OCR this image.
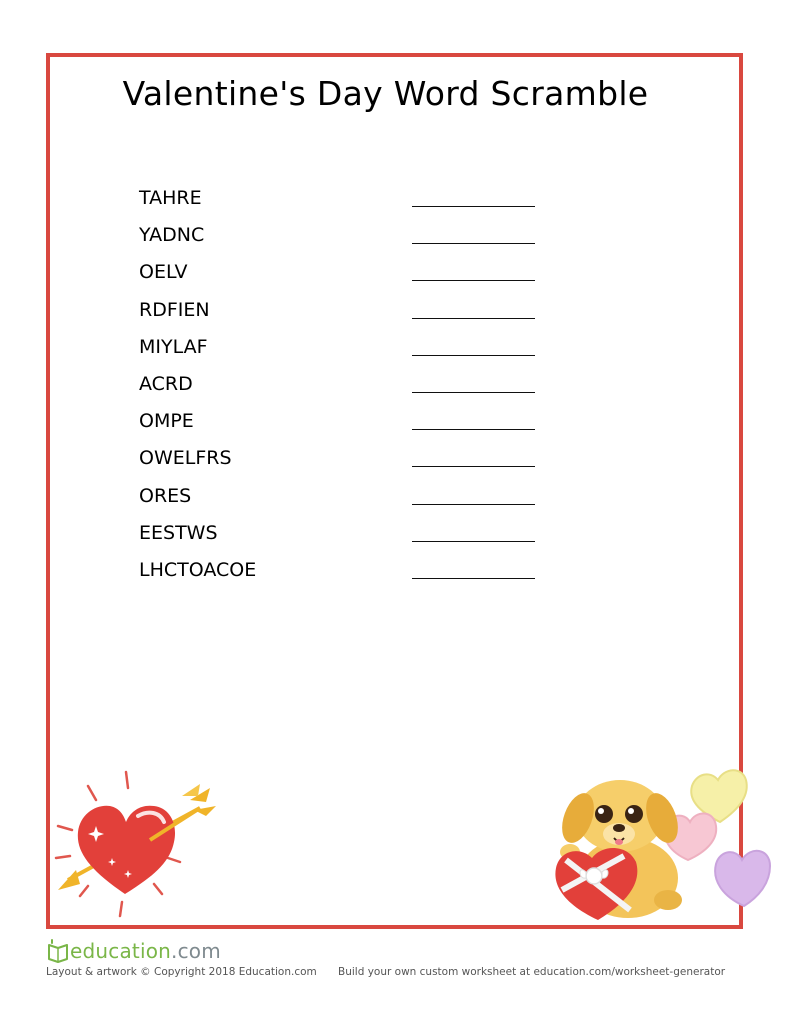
Valentine's Day Word Scramble
TAHRE
YADNC
OELV
RDFIEN
MIYLAF
ACRD
OMPE
OWELFRS
ORES
EESTWS
LHCTOACOE
education.com
Layout & artwork © Copyright 2018 Education.com Build your own custom worksheet at education.com/worksheet-generator
